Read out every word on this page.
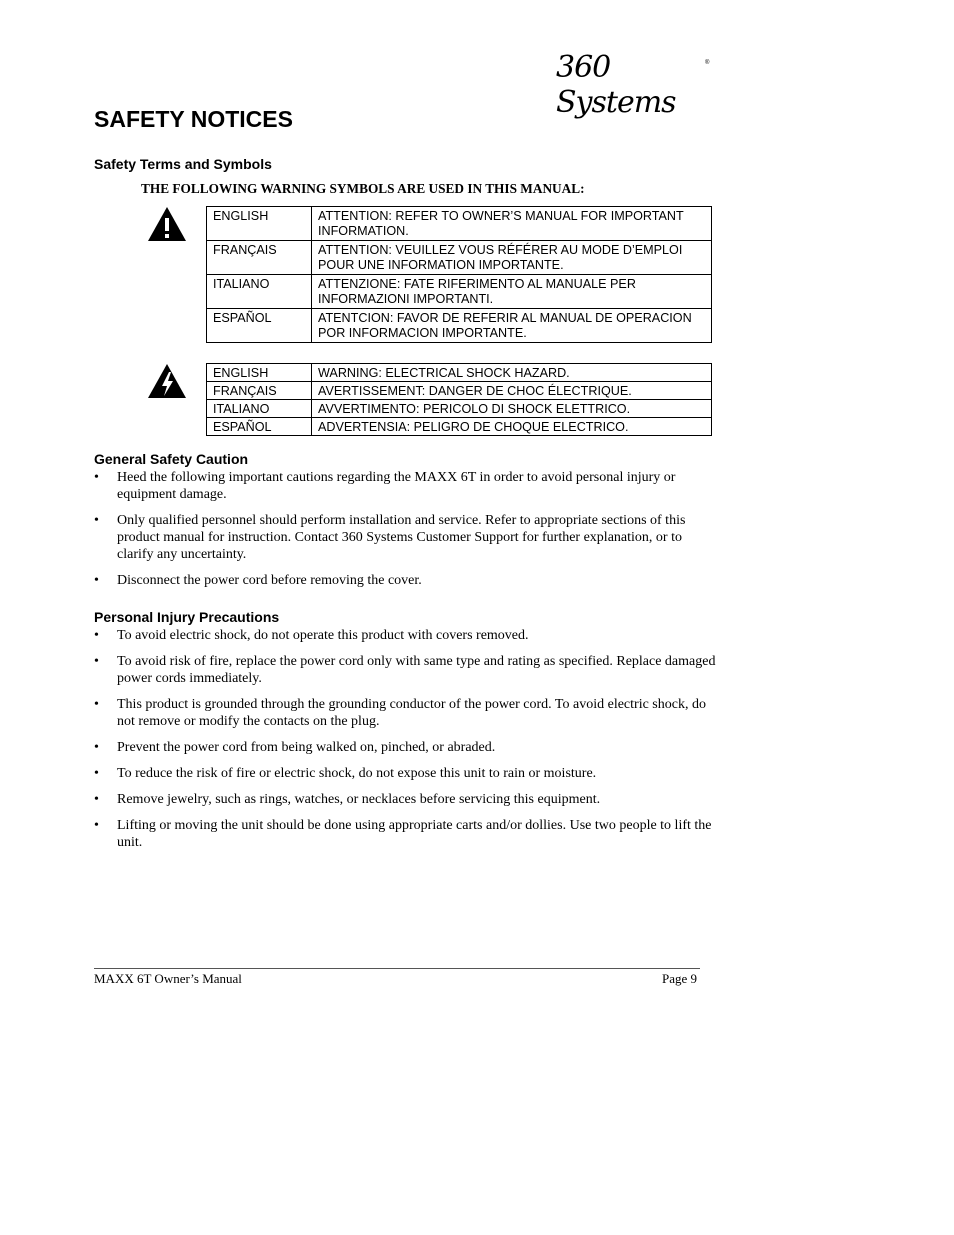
360 Systems
®
SAFETY NOTICES
Safety Terms and Symbols

THE FOLLOWING WARNING SYMBOLS ARE USED IN THIS MANUAL:

ENGLISH	ATTENTION: REFER TO OWNER’S MANUAL FOR IMPORTANT INFORMATION.
FRANÇAIS	ATTENTION: VEUILLEZ VOUS RÉFÉRER AU MODE D’EMPLOI POUR UNE INFORMATION IMPORTANTE.
ITALIANO	ATTENZIONE: FATE RIFERIMENTO AL MANUALE PER INFORMAZIONI IMPORTANTI.
ESPAÑOL	ATENTCION: FAVOR DE REFERIR AL MANUAL DE OPERACION POR INFORMACION IMPORTANTE.
ENGLISH	WARNING: ELECTRICAL SHOCK HAZARD.
FRANÇAIS	AVERTISSEMENT: DANGER DE CHOC ÉLECTRIQUE.
ITALIANO	AVVERTIMENTO: PERICOLO DI SHOCK ELETTRICO.
ESPAÑOL	ADVERTENSIA: PELIGRO DE CHOQUE ELECTRICO.
General Safety Caution
• Heed the following important cautions regarding the MAXX 6T in order to avoid personal injury or equipment damage.
• Only qualified personnel should perform installation and service. Refer to appropriate sections of this product manual for instruction. Contact 360 Systems Customer Support for further explanation, or to clarify any uncertainty.
• Disconnect the power cord before removing the cover.
Personal Injury Precautions
• To avoid electric shock, do not operate this product with covers removed.
• To avoid risk of fire, replace the power cord only with same type and rating as specified. Replace damaged power cords immediately.
• This product is grounded through the grounding conductor of the power cord. To avoid electric shock, do not remove or modify the contacts on the plug.
• Prevent the power cord from being walked on, pinched, or abraded.
• To reduce the risk of fire or electric shock, do not expose this unit to rain or moisture.
• Remove jewelry, such as rings, watches, or necklaces before servicing this equipment.
• Lifting or moving the unit should be done using appropriate carts and/or dollies. Use two people to lift the unit.
MAXX 6T Owner’s Manual	Page 9
